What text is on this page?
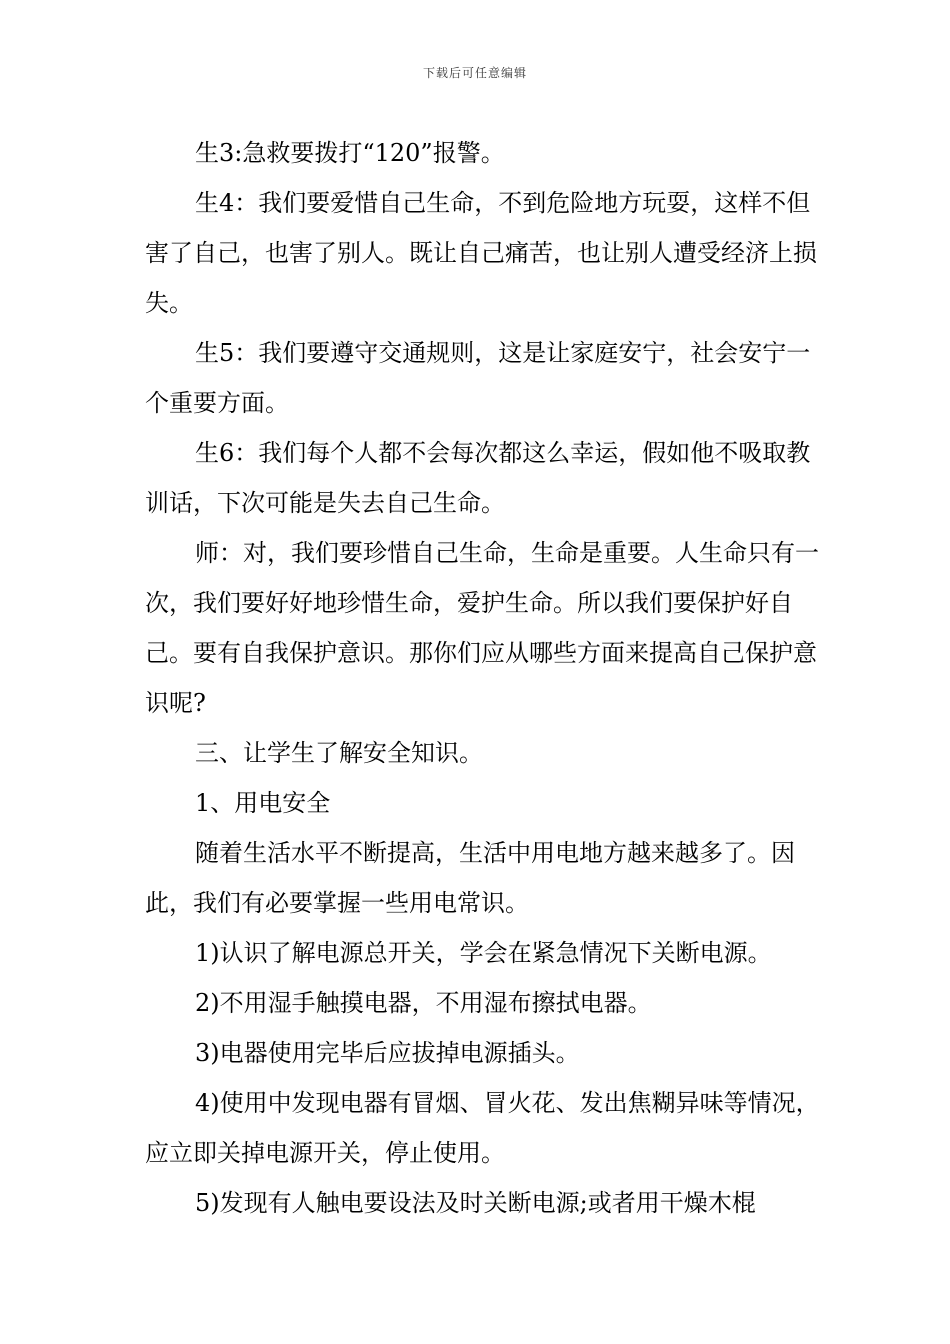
下载后可任意编辑

生3:急救要拨打“120”报警。

生4：我们要爱惜自己生命，不到危险地方玩耍，这样不但害了自己，也害了别人。既让自己痛苦，也让别人遭受经济上损失。

生5：我们要遵守交通规则，这是让家庭安宁，社会安宁一个重要方面。

生6：我们每个人都不会每次都这么幸运，假如他不吸取教训话，下次可能是失去自己生命。

师：对，我们要珍惜自己生命，生命是重要。人生命只有一次，我们要好好地珍惜生命，爱护生命。所以我们要保护好自己。要有自我保护意识。那你们应从哪些方面来提高自己保护意识呢?

三、让学生了解安全知识。

1、用电安全

随着生活水平不断提高，生活中用电地方越来越多了。因此，我们有必要掌握一些用电常识。

1)认识了解电源总开关，学会在紧急情况下关断电源。

2)不用湿手触摸电器，不用湿布擦拭电器。

3)电器使用完毕后应拔掉电源插头。

4)使用中发现电器有冒烟、冒火花、发出焦糊异味等情况，应立即关掉电源开关，停止使用。

5)发现有人触电要设法及时关断电源;或者用干燥木棍
